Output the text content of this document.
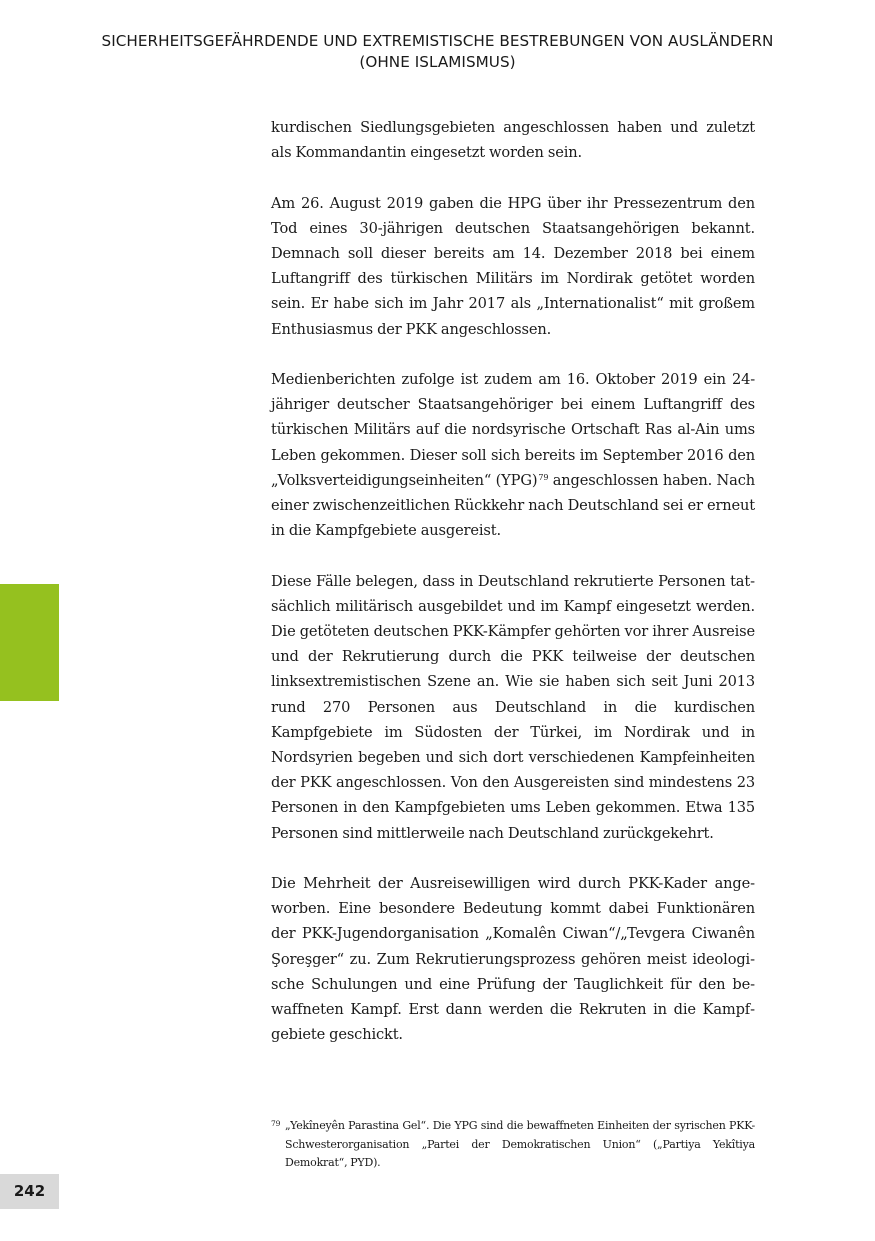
SICHERHEITSGEFÄHRDENDE UND EXTREMISTISCHE BESTREBUNGEN VON AUSLÄNDERN
(OHNE ISLAMISMUS)

kurdischen Siedlungsgebieten angeschlossen haben und zuletzt als Kommandantin eingesetzt worden sein.

Am 26. August 2019 gaben die HPG über ihr Pressezentrum den Tod eines 30-jährigen deutschen Staatsangehörigen bekannt. Demnach soll dieser bereits am 14. Dezember 2018 bei einem Luftangriff des türkischen Militärs im Nordirak getötet worden sein. Er habe sich im Jahr 2017 als „Internationalist“ mit großem Enthusiasmus der PKK angeschlossen.

Medienberichten zufolge ist zudem am 16. Oktober 2019 ein 24-jähriger deutscher Staatsangehöriger bei einem Luftangriff des türkischen Militärs auf die nordsyrische Ortschaft Ras al-Ain ums Leben gekommen. Dieser soll sich bereits im September 2016 den „Volksverteidigungseinheiten“ (YPG)$^{79}$ angeschlossen haben. Nach einer zwischenzeitlichen Rückkehr nach Deutschland sei er erneut in die Kampfgebiete ausgereist.

Diese Fälle belegen, dass in Deutschland rekrutierte Personen tatsächlich militärisch ausgebildet und im Kampf eingesetzt werden. Die getöteten deutschen PKK-Kämpfer gehörten vor ihrer Ausreise und der Rekrutierung durch die PKK teilweise der deutschen linksextremistischen Szene an. Wie sie haben sich seit Juni 2013 rund 270 Personen aus Deutschland in die kurdischen Kampfgebiete im Südosten der Türkei, im Nordirak und in Nordsyrien begeben und sich dort verschiedenen Kampfeinheiten der PKK angeschlossen. Von den Ausgereisten sind mindestens 23 Personen in den Kampfgebieten ums Leben gekommen. Etwa 135 Personen sind mittlerweile nach Deutschland zurückgekehrt.

Die Mehrheit der Ausreisewilligen wird durch PKK-Kader angeworben. Eine besondere Bedeutung kommt dabei Funktionären der PKK-Jugendorganisation „Komalên Ciwan“/„Tevgera Ciwanên Şoreşger“ zu. Zum Rekrutierungsprozess gehören meist ideologische Schulungen und eine Prüfung der Tauglichkeit für den bewaffneten Kampf. Erst dann werden die Rekruten in die Kampfgebiete geschickt.

79 „Yekîneyên Parastina Gel“. Die YPG sind die bewaffneten Einheiten der syrischen PKK-Schwesterorganisation „Partei der Demokratischen Union“ („Partiya Yekîtiya Demokrat“, PYD).
242
